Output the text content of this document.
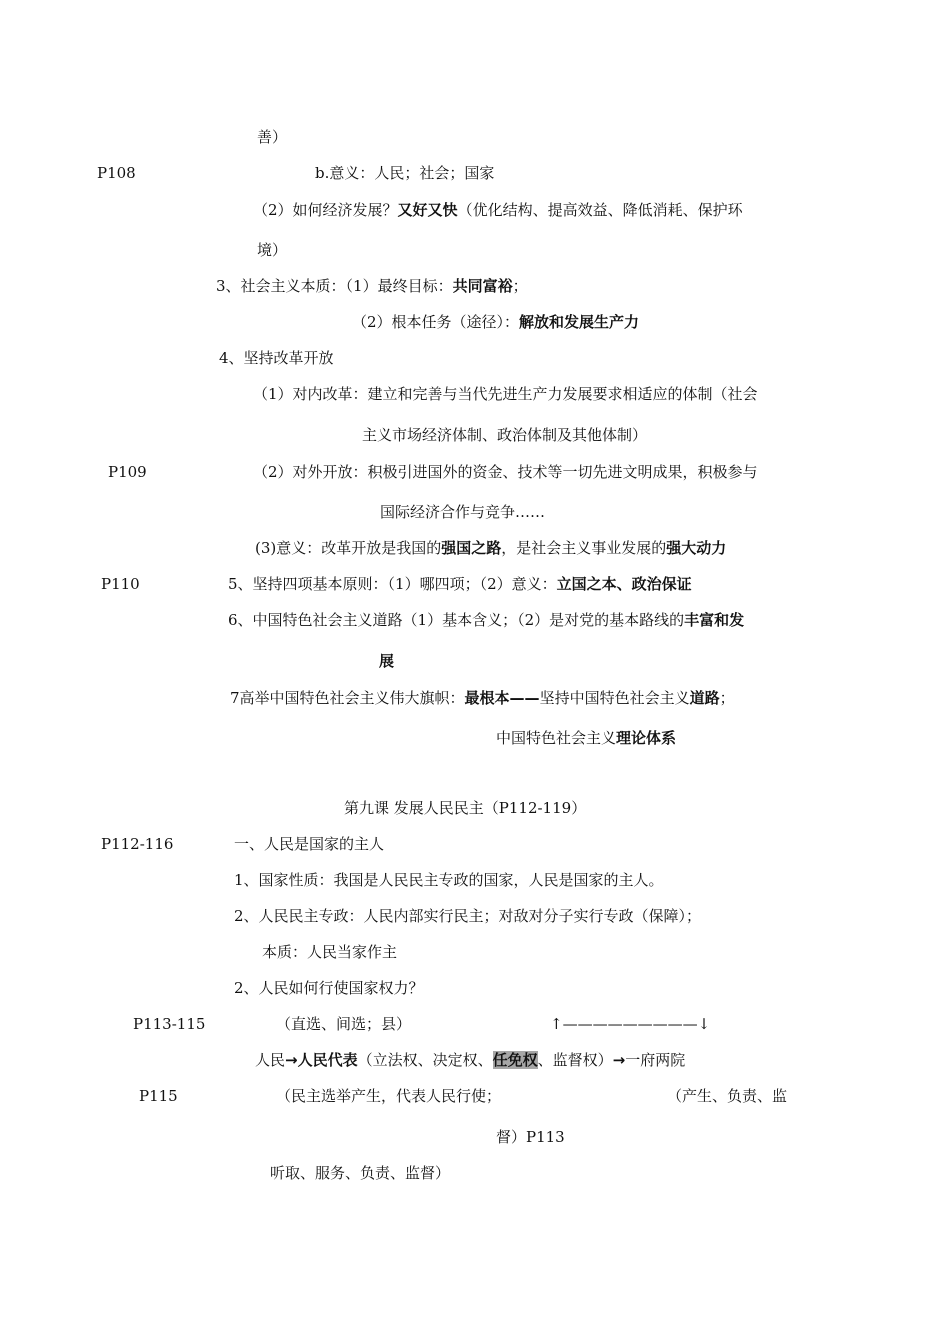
善）
P108	b.意义：人民；社会；国家
（2）如何经济发展？又好又快（优化结构、提高效益、降低消耗、保护环
境）
3、社会主义本质：（1）最终目标：共同富裕；
（2）根本任务（途径）：解放和发展生产力
4、坚持改革开放
（1）对内改革：建立和完善与当代先进生产力发展要求相适应的体制（社会
主义市场经济体制、政治体制及其他体制）
P109	（2）对外开放：积极引进国外的资金、技术等一切先进文明成果，积极参与
国际经济合作与竞争……
(3)意义：改革开放是我国的强国之路，是社会主义事业发展的强大动力
P110	5、坚持四项基本原则：（1）哪四项；（2）意义：立国之本、政治保证
6、中国特色社会主义道路（1）基本含义；（2）是对党的基本路线的丰富和发
展
7高举中国特色社会主义伟大旗帜：最根本——坚持中国特色社会主义道路；
中国特色社会主义理论体系
第九课 发展人民民主（P112-119）
P112-116	一、人民是国家的主人
1、国家性质：我国是人民民主专政的国家，人民是国家的主人。
2、人民民主专政：人民内部实行民主；对敌对分子实行专政（保障）；
本质：人民当家作主
2、人民如何行使国家权力？
P113-115	（直选、间选；县）	↑—————————↓
人民→人民代表（立法权、决定权、任免权、监督权）→一府两院
P115	（民主选举产生，代表人民行使；	（产生、负责、监
督）P113
听取、服务、负责、监督）
